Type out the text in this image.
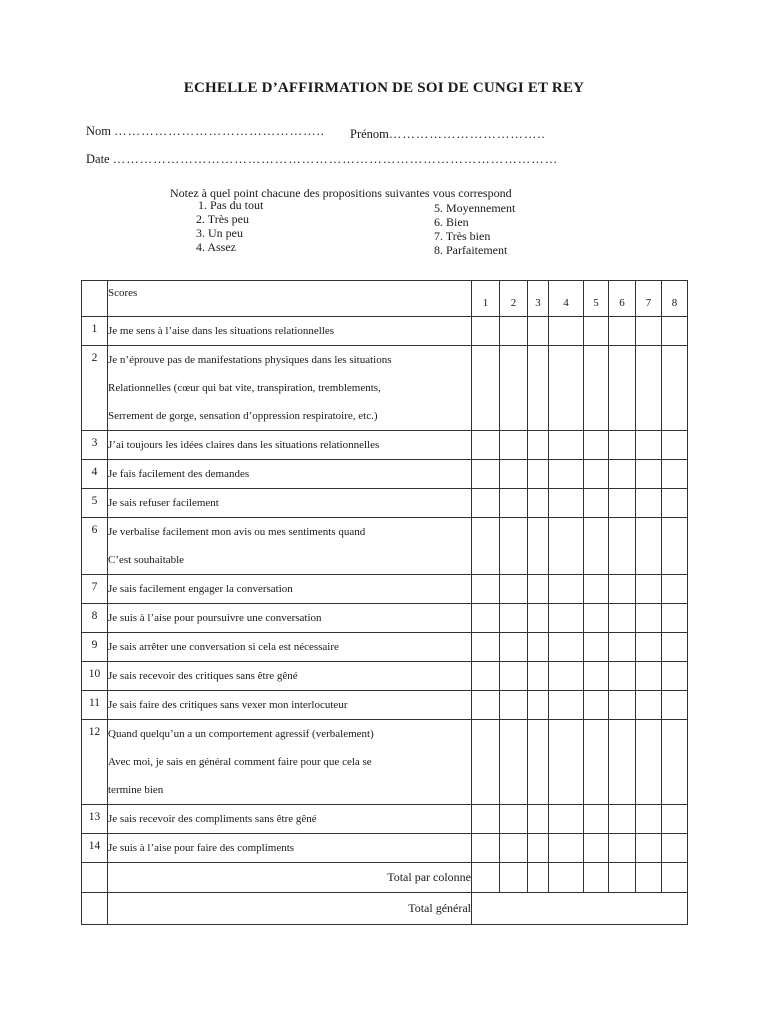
ECHELLE D’AFFIRMATION DE SOI DE CUNGI ET REY
Nom ……………………………………….. Prénom……………………………..
Date ………………………………………………………………………………………
Notez à quel point chacune des propositions suivantes vous correspond
1. Pas du tout
2. Très peu
3. Un peu
4. Assez
5. Moyennement
6. Bien
7. Très bien
8. Parfaitement
	Scores	1	2	3	4	5	6	7	8
1	Je me sens à l’aise dans les situations relationnelles								

2	Je n’éprouve pas de manifestations physiques dans les situations
Relationnelles (cœur qui bat vite, transpiration, tremblements,
Serrement de gorge, sensation d’oppression respiratoire, etc.)								

3	J’ai toujours les idées claires dans les situations relationnelles								

4	Je fais facilement des demandes								

5	Je sais refuser facilement								

6	Je verbalise facilement mon avis ou mes sentiments quand
C’est souhaitable								

7	Je sais facilement engager la conversation								

8	Je suis à l’aise pour poursuivre une conversation								

9	Je sais arrêter une conversation si cela est nécessaire								

10	Je sais recevoir des critiques sans être gêné								

11	Je sais faire des critiques sans vexer mon interlocuteur								

12	Quand quelqu’un a un comportement agressif (verbalement)
Avec moi, je sais en général comment faire pour que cela se
termine bien								

13	Je sais recevoir des compliments sans être gêné								

14	Je suis à l’aise pour faire des compliments								

	Total par colonne								
	Total général								
